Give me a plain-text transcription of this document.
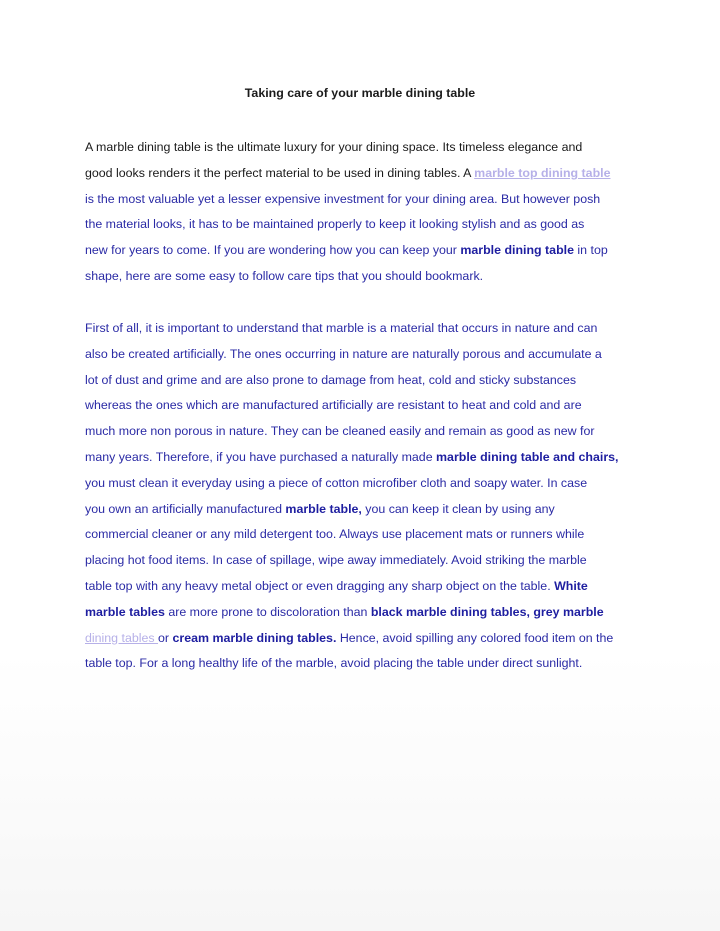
Taking care of your marble dining table
A marble dining table is the ultimate luxury for your dining space. Its timeless elegance and
good looks renders it the perfect material to be used in dining tables. A marble top dining table
is the most valuable yet a lesser expensive investment for your dining area. But however posh
the material looks, it has to be maintained properly to keep it looking stylish and as good as
new for years to come. If you are wondering how you can keep your marble dining table in top
shape, here are some easy to follow care tips that you should bookmark.
First of all, it is important to understand that marble is a material that occurs in nature and can
also be created artificially. The ones occurring in nature are naturally porous and accumulate a
lot of dust and grime and are also prone to damage from heat, cold and sticky substances
whereas the ones which are manufactured artificially are resistant to heat and cold and are
much more non porous in nature. They can be cleaned easily and remain as good as new for
many years. Therefore, if you have purchased a naturally made marble dining table and chairs,
you must clean it everyday using a piece of cotton microfiber cloth and soapy water. In case
you own an artificially manufactured marble table, you can keep it clean by using any
commercial cleaner or any mild detergent too. Always use placement mats or runners while
placing hot food items. In case of spillage, wipe away immediately. Avoid striking the marble
table top with any heavy metal object or even dragging any sharp object on the table. White
marble tables are more prone to discoloration than black marble dining tables, grey marble
dining tables or cream marble dining tables. Hence, avoid spilling any colored food item on the
table top. For a long healthy life of the marble, avoid placing the table under direct sunlight.
